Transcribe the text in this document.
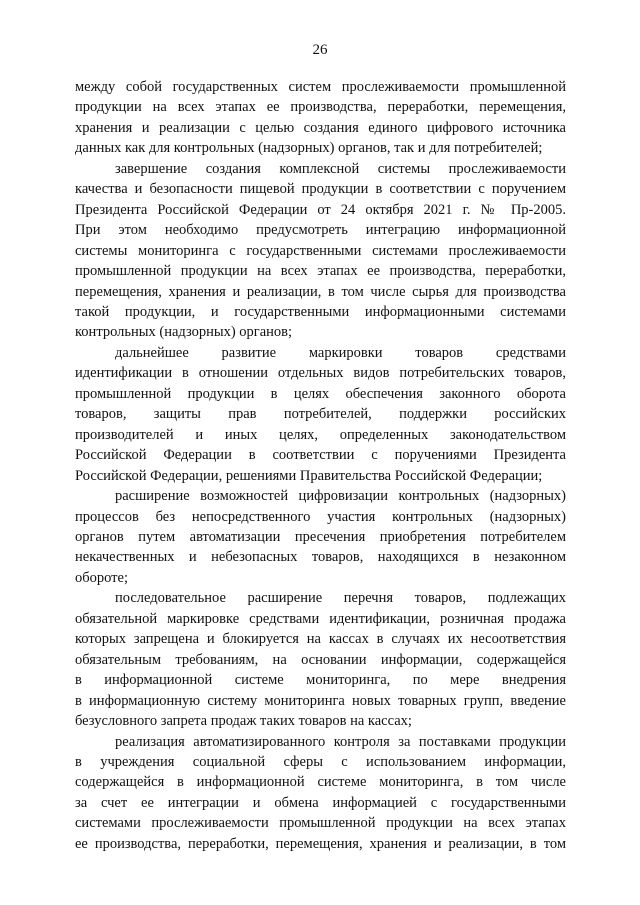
26

между собой государственных систем прослеживаемости промышленной

продукции на всех этапах ее производства, переработки, перемещения,

хранения и реализации с целью создания единого цифрового источника

данных как для контрольных (надзорных) органов, так и для потребителей;

завершение создания комплексной системы прослеживаемости

качества и безопасности пищевой продукции в соответствии с поручением

Президента Российской Федерации от 24 октября 2021 г. № Пр-2005.

При этом необходимо предусмотреть интеграцию информационной

системы мониторинга с государственными системами прослеживаемости

промышленной продукции на всех этапах ее производства, переработки,

перемещения, хранения и реализации, в том числе сырья для производства

такой продукции, и государственными информационными системами

контрольных (надзорных) органов;

дальнейшее развитие маркировки товаров средствами

идентификации в отношении отдельных видов потребительских товаров,

промышленной продукции в целях обеспечения законного оборота

товаров, защиты прав потребителей, поддержки российских

производителей и иных целях, определенных законодательством

Российской Федерации в соответствии с поручениями Президента

Российской Федерации, решениями Правительства Российской Федерации;

расширение возможностей цифровизации контрольных (надзорных)

процессов без непосредственного участия контрольных (надзорных)

органов путем автоматизации пресечения приобретения потребителем

некачественных и небезопасных товаров, находящихся в незаконном

обороте;

последовательное расширение перечня товаров, подлежащих

обязательной маркировке средствами идентификации, розничная продажа

которых запрещена и блокируется на кассах в случаях их несоответствия

обязательным требованиям, на основании информации, содержащейся

в информационной системе мониторинга, по мере внедрения

в информационную систему мониторинга новых товарных групп, введение

безусловного запрета продаж таких товаров на кассах;

реализация автоматизированного контроля за поставками продукции

в учреждения социальной сферы с использованием информации,

содержащейся в информационной системе мониторинга, в том числе

за счет ее интеграции и обмена информацией с государственными

системами прослеживаемости промышленной продукции на всех этапах

ее производства, переработки, перемещения, хранения и реализации, в том
